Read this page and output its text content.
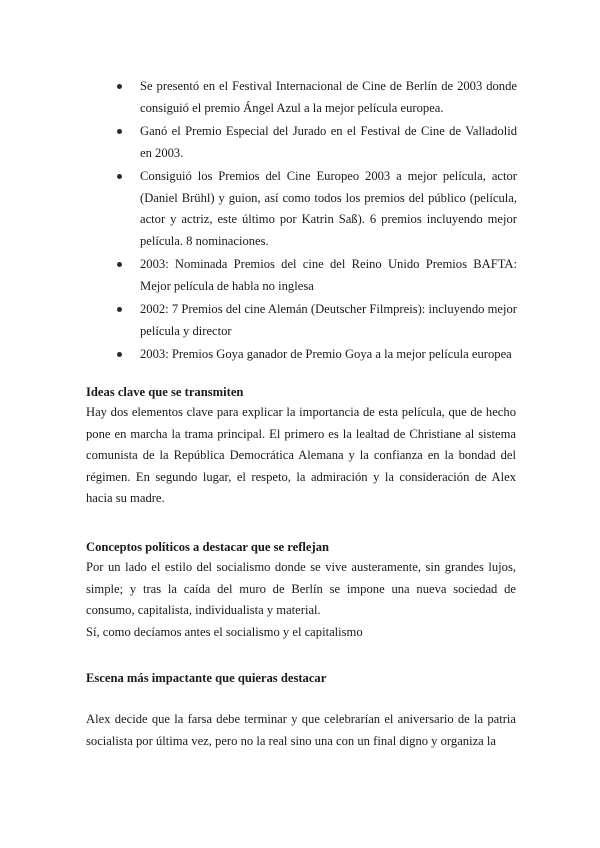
Se presentó en el Festival Internacional de Cine de Berlín de 2003 donde consiguió el premio Ángel Azul a la mejor película europea.
Ganó el Premio Especial del Jurado en el Festival de Cine de Valladolid en 2003.
Consiguió los Premios del Cine Europeo 2003 a mejor película, actor (Daniel Brühl) y guion, así como todos los premios del público (película, actor y actriz, este último por Katrin Saß). 6 premios incluyendo mejor película. 8 nominaciones.
2003: Nominada Premios del cine del Reino Unido Premios BAFTA: Mejor película de habla no inglesa
2002: 7 Premios del cine Alemán (Deutscher Filmpreis): incluyendo mejor película y director
2003: Premios Goya ganador de Premio Goya a la mejor película europea

Ideas clave que se transmiten

Hay dos elementos clave para explicar la importancia de esta película, que de hecho pone en marcha la trama principal. El primero es la lealtad de Christiane al sistema comunista de la República Democrática Alemana y la confianza en la bondad del régimen. En segundo lugar, el respeto, la admiración y la consideración de Alex hacia su madre.

Conceptos políticos a destacar que se reflejan

Por un lado el estilo del socialismo donde se vive austeramente, sin grandes lujos, simple; y tras la caída del muro de Berlín se impone una nueva sociedad de consumo, capitalista, individualista y material.

Sí, como decíamos antes el socialismo y el capitalismo

Escena más impactante que quieras destacar

Alex decide que la farsa debe terminar y que celebrarían el aniversario de la patria socialista por última vez, pero no la real sino una con un final digno y organiza la
